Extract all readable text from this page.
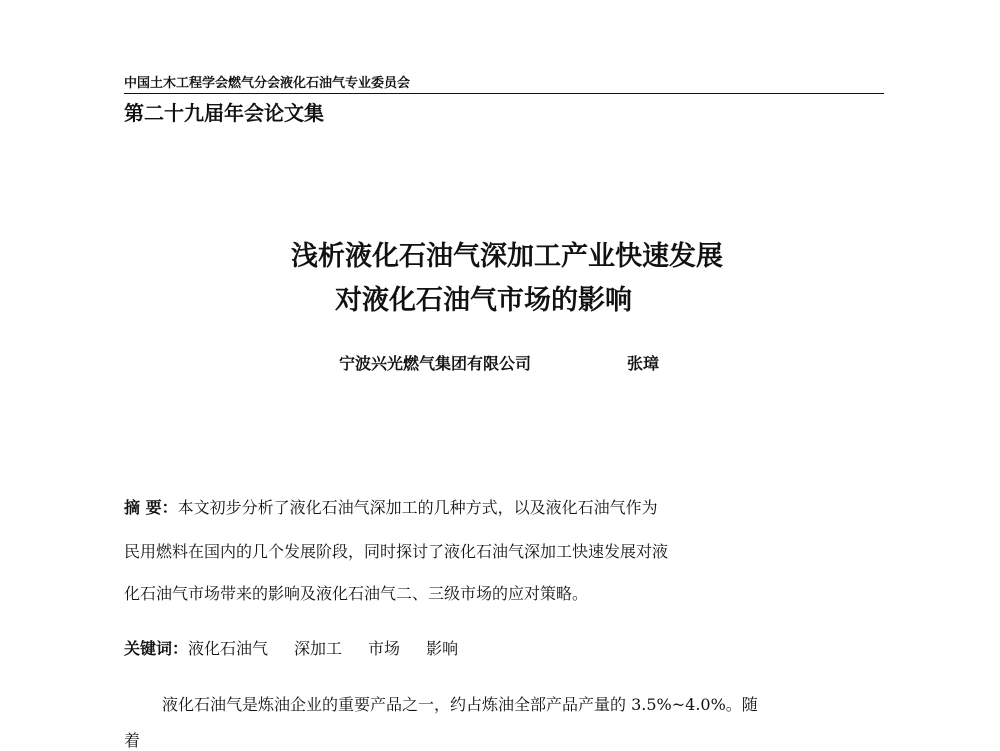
中国土木工程学会燃气分会液化石油气专业委员会
第二十九届年会论文集
浅析液化石油气深加工产业快速发展
对液化石油气市场的影响
宁波兴光燃气集团有限公司	张璋
摘 要：本文初步分析了液化石油气深加工的几种方式，以及液化石油气作为
民用燃料在国内的几个发展阶段，同时探讨了液化石油气深加工快速发展对液
化石油气市场带来的影响及液化石油气二、三级市场的应对策略。
关键词：液化石油气 深加工 市场 影响
液化石油气是炼油企业的重要产品之一，约占炼油全部产品产量的 3.5%~4.0%。随
着
